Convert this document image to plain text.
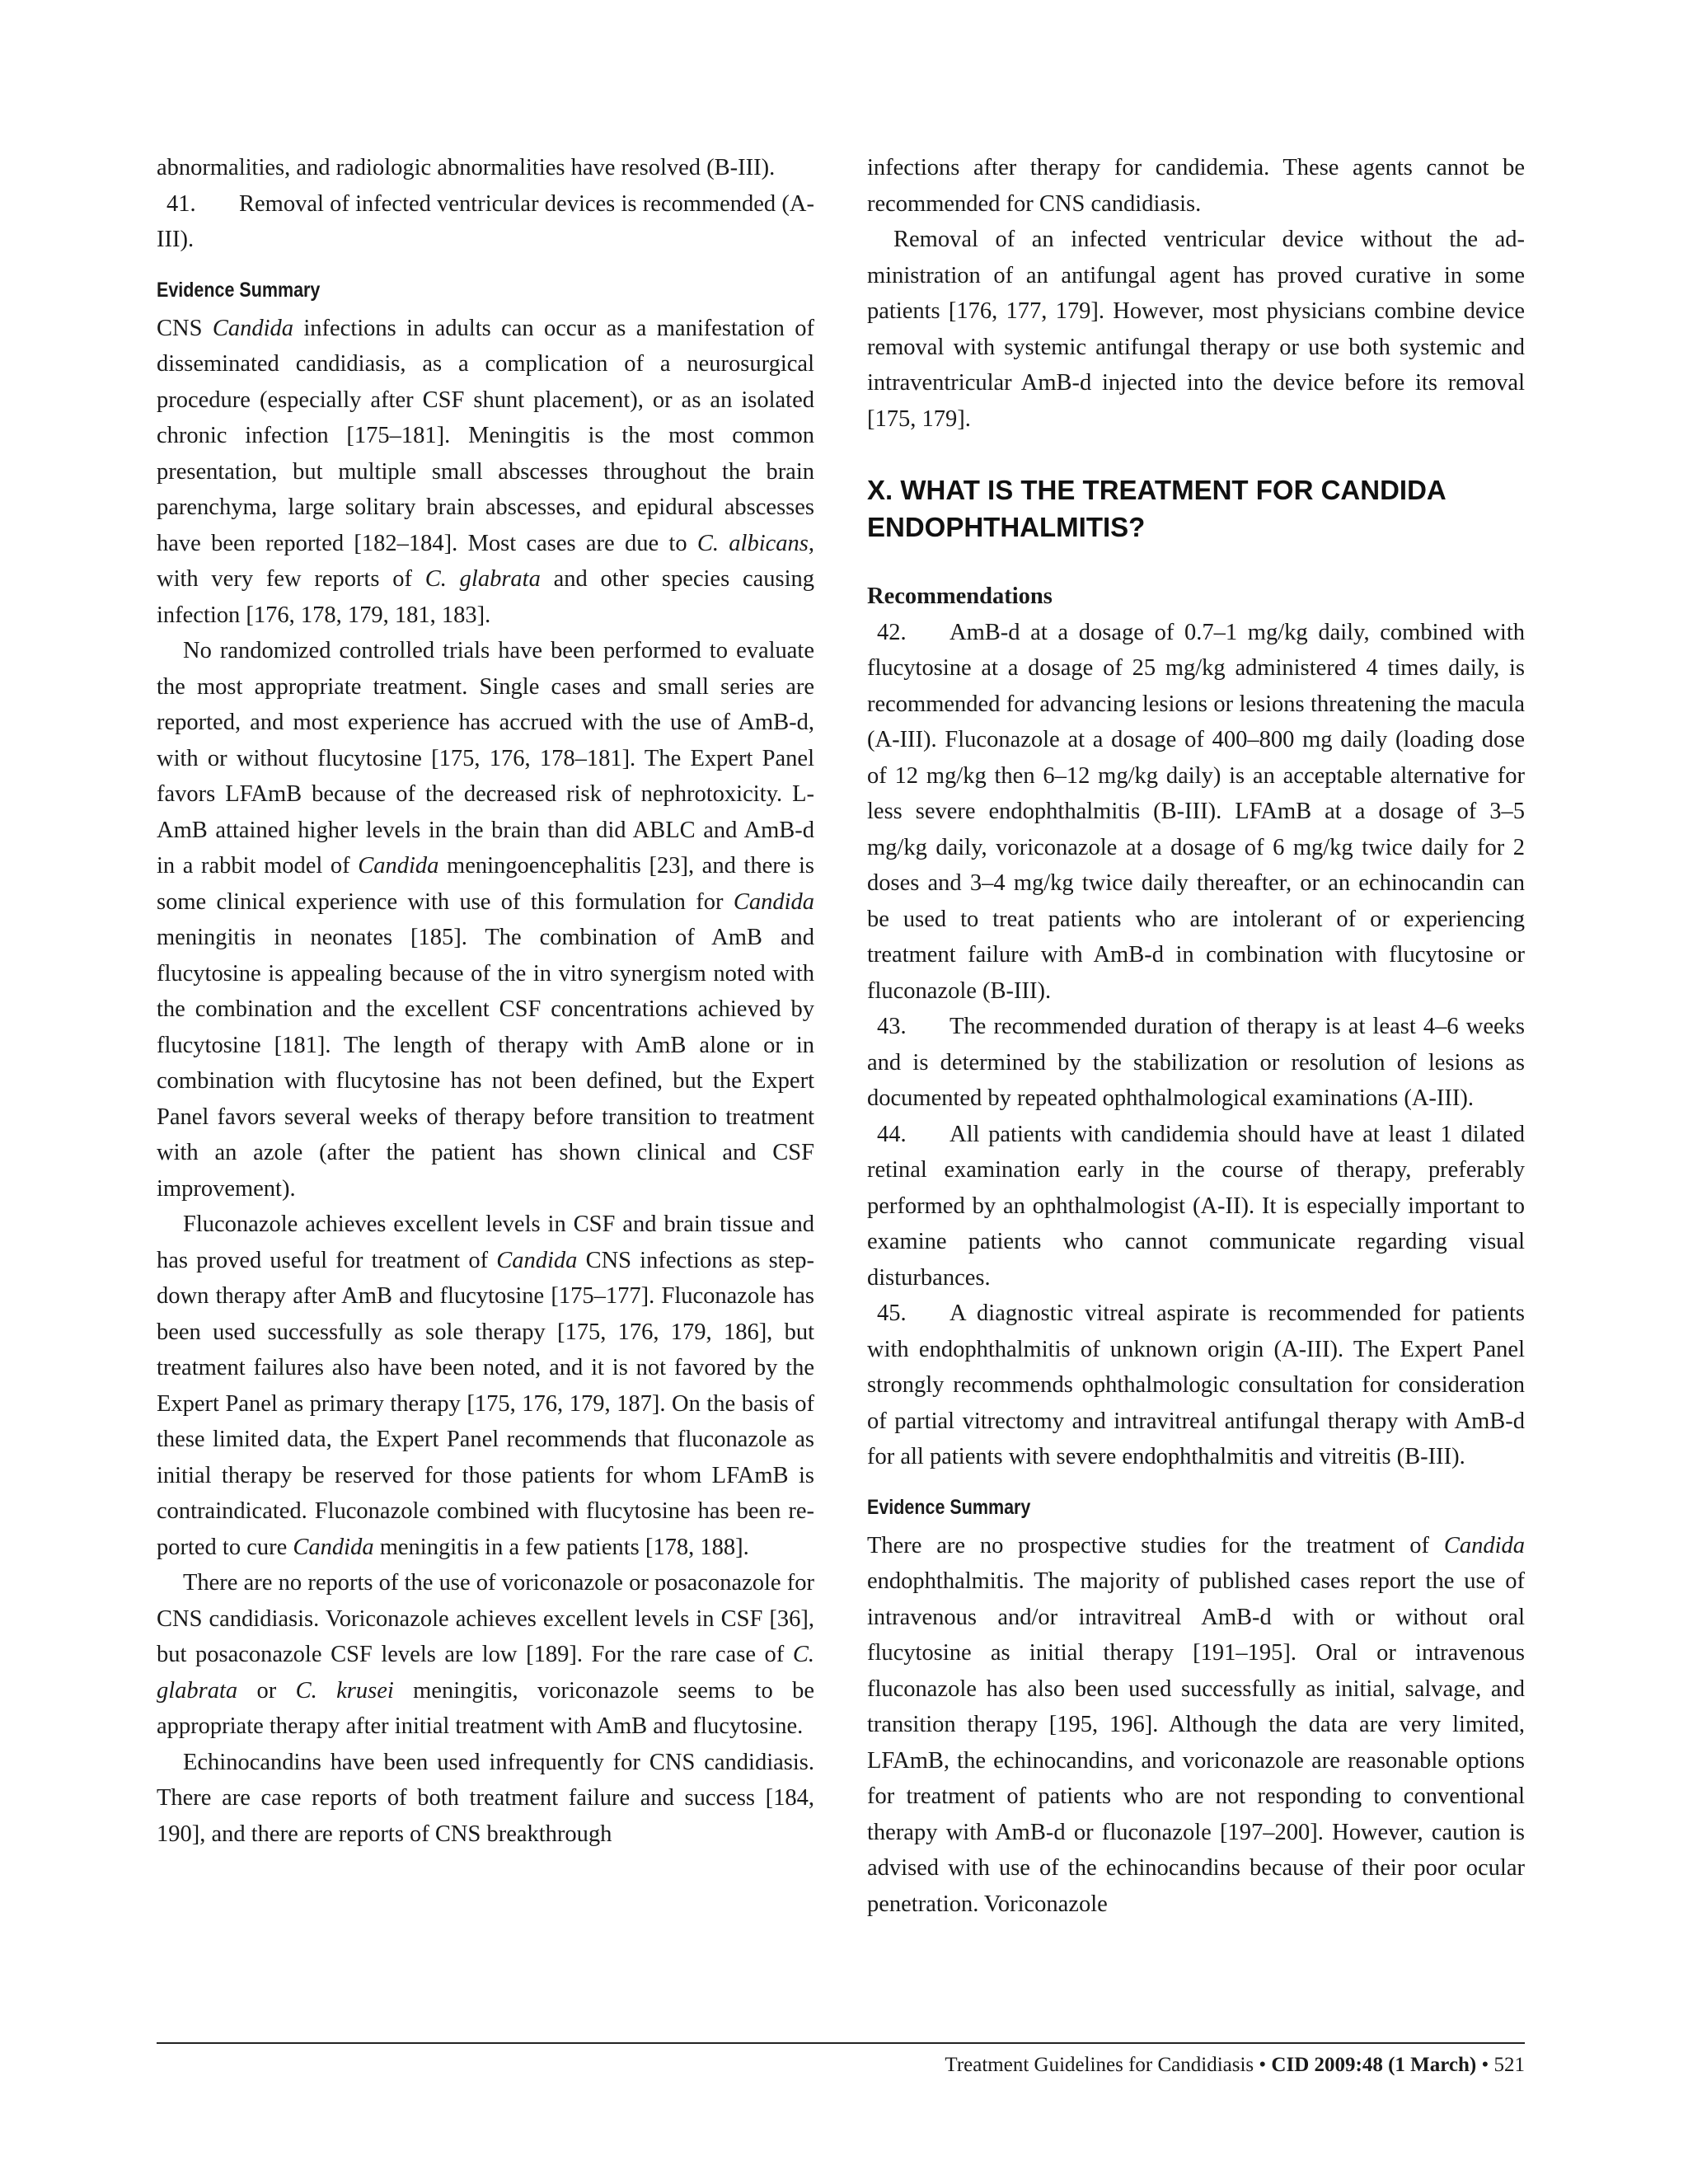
abnormalities, and radiologic abnormalities have resolved (B-III).

41. Removal of infected ventricular devices is recommended (A-III).

Evidence Summary

CNS Candida infections in adults can occur as a manifestation of disseminated candidiasis, as a complication of a neurosurgical procedure (especially after CSF shunt placement), or as an isolated chronic infection [175–181]. Meningitis is the most common presentation, but multiple small abscesses throughout the brain parenchyma, large solitary brain abscesses, and epidural abscesses have been reported [182–184]. Most cases are due to C. albicans, with very few reports of C. glabrata and other species causing infection [176, 178, 179, 181, 183].

No randomized controlled trials have been performed to evaluate the most appropriate treatment. Single cases and small series are reported, and most experience has accrued with the use of AmB-d, with or without flucytosine [175, 176, 178–181]. The Expert Panel favors LFAmB because of the decreased risk of nephrotoxicity. L-AmB attained higher levels in the brain than did ABLC and AmB-d in a rabbit model of Candida meningoencephalitis [23], and there is some clinical experience with use of this formulation for Candida meningitis in neonates [185]. The combination of AmB and flucytosine is appealing because of the in vitro synergism noted with the combination and the excellent CSF concentrations achieved by flucytosine [181]. The length of therapy with AmB alone or in combination with flucytosine has not been defined, but the Expert Panel favors several weeks of therapy before transition to treatment with an azole (after the patient has shown clinical and CSF improvement).

Fluconazole achieves excellent levels in CSF and brain tissue and has proved useful for treatment of Candida CNS infections as step-down therapy after AmB and flucytosine [175–177]. Fluconazole has been used successfully as sole therapy [175, 176, 179, 186], but treatment failures also have been noted, and it is not favored by the Expert Panel as primary therapy [175, 176, 179, 187]. On the basis of these limited data, the Expert Panel recommends that fluconazole as initial therapy be reserved for those patients for whom LFAmB is contraindicated. Fluconazole combined with flucytosine has been reported to cure Candida meningitis in a few patients [178, 188].

There are no reports of the use of voriconazole or posaconazole for CNS candidiasis. Voriconazole achieves excellent levels in CSF [36], but posaconazole CSF levels are low [189]. For the rare case of C. glabrata or C. krusei meningitis, voriconazole seems to be appropriate therapy after initial treatment with AmB and flucytosine.

Echinocandins have been used infrequently for CNS candidiasis. There are case reports of both treatment failure and success [184, 190], and there are reports of CNS breakthrough

infections after therapy for candidemia. These agents cannot be recommended for CNS candidiasis.

Removal of an infected ventricular device without the administration of an antifungal agent has proved curative in some patients [176, 177, 179]. However, most physicians combine device removal with systemic antifungal therapy or use both systemic and intraventricular AmB-d injected into the device before its removal [175, 179].

X. WHAT IS THE TREATMENT FOR CANDIDA ENDOPHTHALMITIS?

Recommendations

42. AmB-d at a dosage of 0.7–1 mg/kg daily, combined with flucytosine at a dosage of 25 mg/kg administered 4 times daily, is recommended for advancing lesions or lesions threatening the macula (A-III). Fluconazole at a dosage of 400–800 mg daily (loading dose of 12 mg/kg then 6–12 mg/kg daily) is an acceptable alternative for less severe endophthalmitis (B-III). LFAmB at a dosage of 3–5 mg/kg daily, voriconazole at a dosage of 6 mg/kg twice daily for 2 doses and 3–4 mg/kg twice daily thereafter, or an echinocandin can be used to treat patients who are intolerant of or experiencing treatment failure with AmB-d in combination with flucytosine or fluconazole (B-III).

43. The recommended duration of therapy is at least 4–6 weeks and is determined by the stabilization or resolution of lesions as documented by repeated ophthalmological examinations (A-III).

44. All patients with candidemia should have at least 1 dilated retinal examination early in the course of therapy, preferably performed by an ophthalmologist (A-II). It is especially important to examine patients who cannot communicate regarding visual disturbances.

45. A diagnostic vitreal aspirate is recommended for patients with endophthalmitis of unknown origin (A-III). The Expert Panel strongly recommends ophthalmologic consultation for consideration of partial vitrectomy and intravitreal antifungal therapy with AmB-d for all patients with severe endophthalmitis and vitreitis (B-III).

Evidence Summary

There are no prospective studies for the treatment of Candida endophthalmitis. The majority of published cases report the use of intravenous and/or intravitreal AmB-d with or without oral flucytosine as initial therapy [191–195]. Oral or intravenous fluconazole has also been used successfully as initial, salvage, and transition therapy [195, 196]. Although the data are very limited, LFAmB, the echinocandins, and voriconazole are reasonable options for treatment of patients who are not responding to conventional therapy with AmB-d or fluconazole [197–200]. However, caution is advised with use of the echinocandins because of their poor ocular penetration. Voriconazole

Treatment Guidelines for Candidiasis • CID 2009:48 (1 March) • 521
